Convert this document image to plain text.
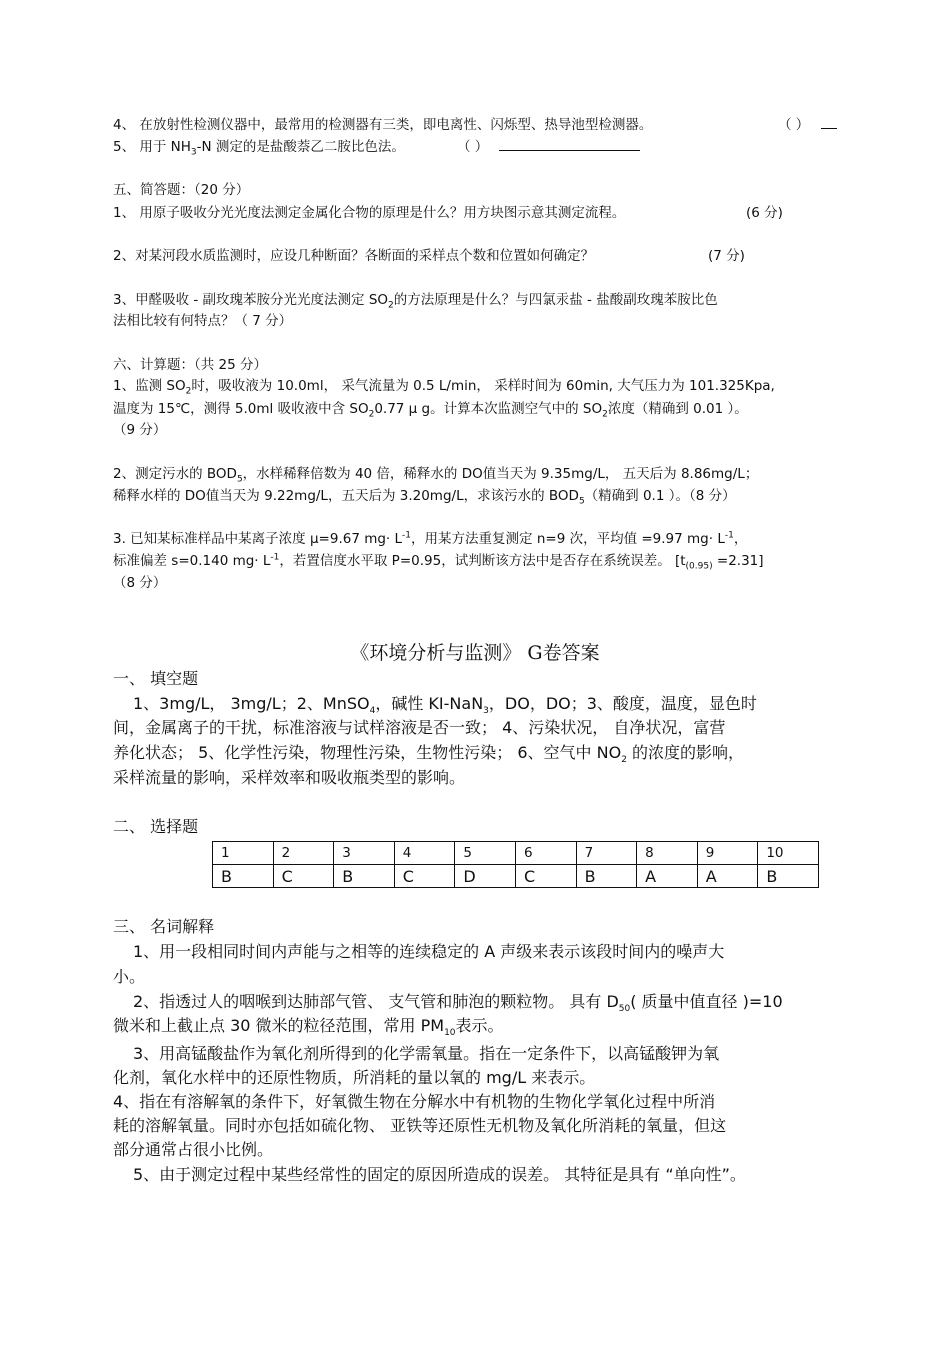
4、 在放射性检测仪器中，最常用的检测器有三类，即电离性、闪烁型、热导池型检测器。	（ ）
5、 用于 $NH_3-N$ 测定的是盐酸萘乙二胺比色法。	（ ）
五、简答题：（20 分）
1、 用原子吸收分光光度法测定金属化合物的原理是什么？用方块图示意其测定流程。	(6 分)
2、对某河段水质监测时，应设几种断面？各断面的采样点个数和位置如何确定？	(7 分)
3、甲醛吸收 - 副玫瑰苯胺分光光度法测定 $SO_2$的方法原理是什么？与四氯汞盐 - 盐酸副玫瑰苯胺比色
法相比较有何特点？（ 7 分）
六、计算题：（共 25 分）
1、监测 $SO_2$时，吸收液为 10.0ml， 采气流量为 0.5 L/min， 采样时间为 60min, 大气压力为 101.325Kpa,
温度为 15℃，测得 5.0ml 吸收液中含 $SO_20.77$ μ g。计算本次监测空气中的 $SO_2$浓度（精确到 0.01 ）。
（9 分）
2、测定污水的 $BOD_5$，水样稀释倍数为 40 倍，稀释水的 DO值当天为 9.35mg/L， 五天后为 8.86mg/L；
稀释水样的 DO值当天为 9.22mg/L，五天后为 3.20mg/L，求该污水的 $BOD_5$（精确到 0.1 ）。（8 分）
3. 已知某标准样品中某离子浓度 μ=9.67 $mg\cdot L^{-1}$，用某方法重复测定 n=9 次，平均值 =9.97 $mg\cdot L^{-1}$，
标准偏差 s=0.140 $mg\cdot L^{-1}$，若置信度水平取 P=0.95，试判断该方法中是否存在系统误差。 $[t_{(0.95)} =2.31]$
（8 分）
《环境分析与监测》 G卷答案
一、 填空题
1、3mg/L， 3mg/L；2、MnSO$_4$，碱性 KI-NaN$_3$，DO，DO；3、酸度，温度，显色时
间，金属离子的干扰，标准溶液与试样溶液是否一致； 4、污染状况， 自净状况，富营
养化状态； 5、化学性污染，物理性污染，生物性污染； 6、空气中 $NO_2$ 的浓度的影响，
采样流量的影响，采样效率和吸收瓶类型的影响。
二、 选择题
1	2	3	4	5	6	7	8	9	10
B	C	B	C	D	C	B	A	A	B
三、 名词解释
1、用一段相同时间内声能与之相等的连续稳定的 A 声级来表示该段时间内的噪声大
小。
2、指透过人的咽喉到达肺部气管、 支气管和肺泡的颗粒物。 具有 $D_{50}$( 质量中值直径 )=10
微米和上截止点 30 微米的粒径范围，常用 $PM_{10}$表示。
3、用高锰酸盐作为氧化剂所得到的化学需氧量。指在一定条件下，以高锰酸钾为氧
化剂，氧化水样中的还原性物质，所消耗的量以氧的 mg/L 来表示。
4、指在有溶解氧的条件下，好氧微生物在分解水中有机物的生物化学氧化过程中所消
耗的溶解氧量。同时亦包括如硫化物、 亚铁等还原性无机物及氧化所消耗的氧量，但这
部分通常占很小比例。
5、由于测定过程中某些经常性的固定的原因所造成的误差。 其特征是具有 “单向性”。
